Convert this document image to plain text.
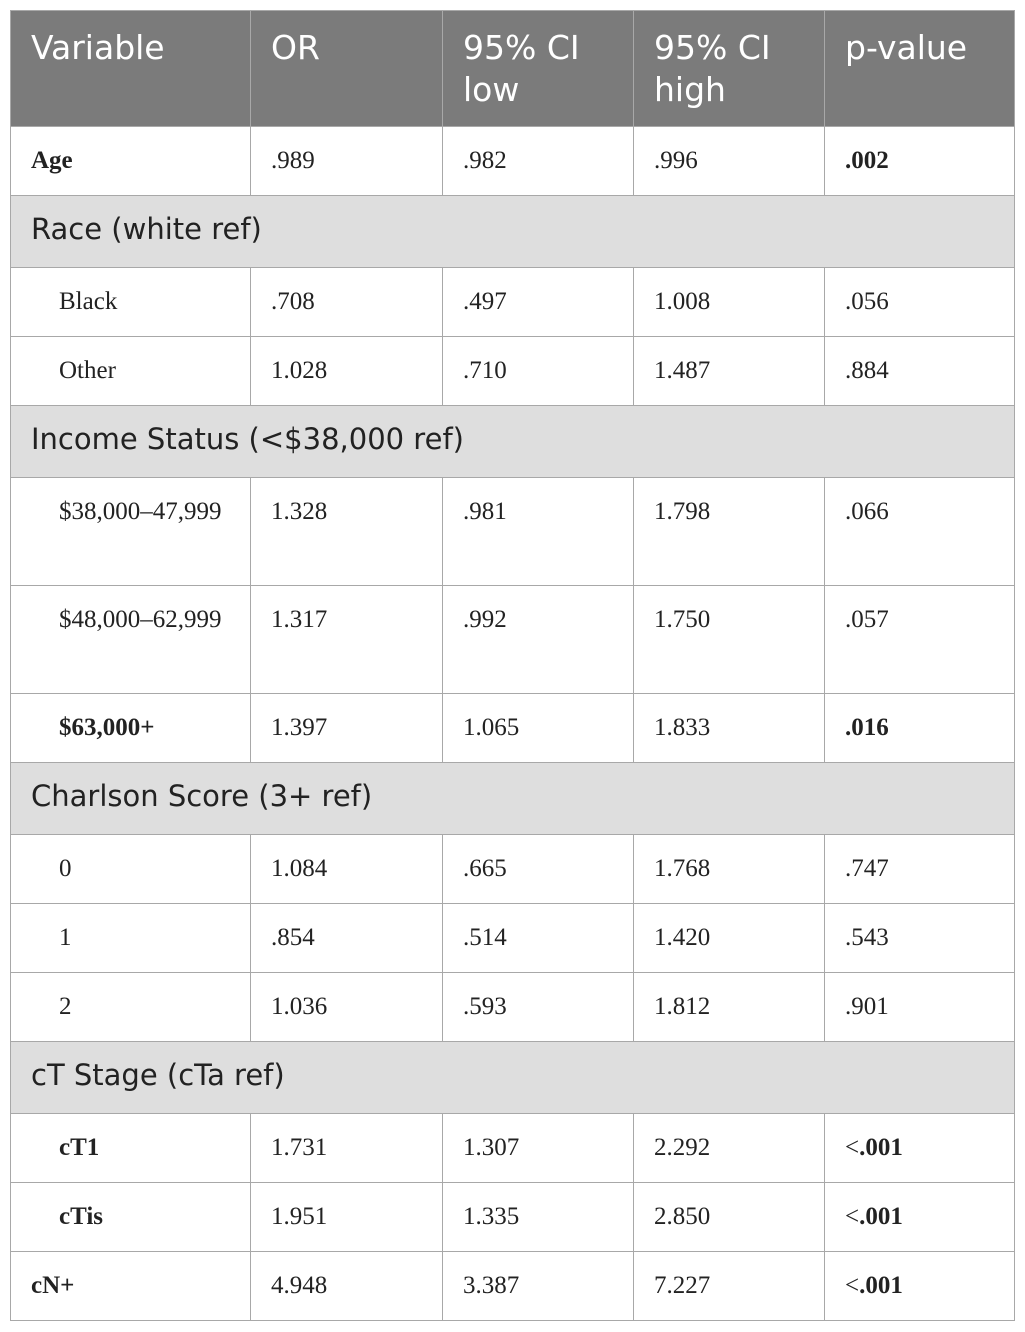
Variable	OR	95% CI low	95% CI high	p-value
Age	.989	.982	.996	.002
Race (white ref)				
Black	.708	.497	1.008	.056
Other	1.028	.710	1.487	.884
Income Status (<$38,000 ref)				
$38,000–47,999	1.328	.981	1.798	.066
$48,000–62,999	1.317	.992	1.750	.057
$63,000+	1.397	1.065	1.833	.016
Charlson Score (3+ ref)				
0	1.084	.665	1.768	.747
1	.854	.514	1.420	.543
2	1.036	.593	1.812	.901
cT Stage (cTa ref)				
cT1	1.731	1.307	2.292	<.001
cTis	1.951	1.335	2.850	<.001
cN+	4.948	3.387	7.227	<.001
